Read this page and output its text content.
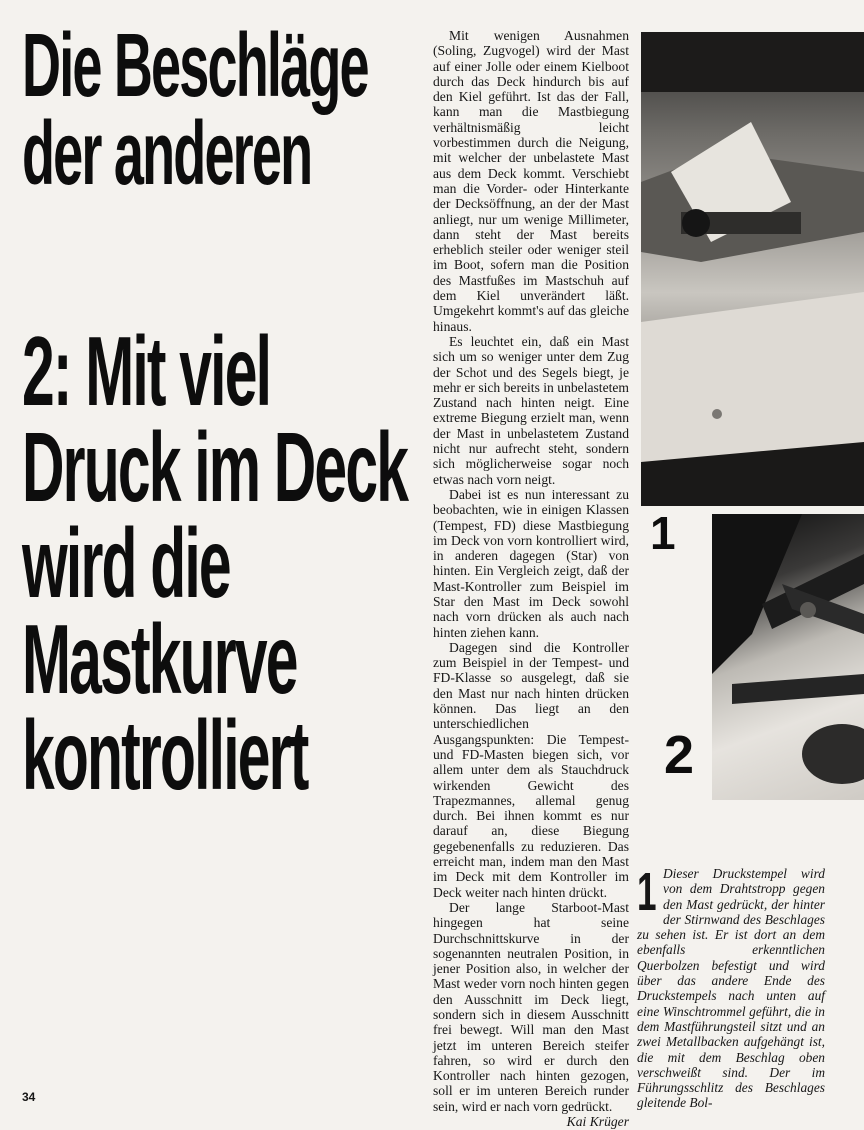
Die Beschläge
der anderen
2: Mit viel
Druck im Deck
wird die
Mastkurve
kontrolliert

Mit wenigen Ausnahmen (Soling, Zugvogel) wird der Mast auf einer Jolle oder einem Kielboot durch das Deck hindurch bis auf den Kiel geführt. Ist das der Fall, kann man die Mastbiegung verhältnismäßig leicht vorbestimmen durch die Neigung, mit welcher der unbelastete Mast aus dem Deck kommt. Verschiebt man die Vorder- oder Hinterkante der Decksöffnung, an der der Mast anliegt, nur um wenige Millimeter, dann steht der Mast bereits erheblich steiler oder weniger steil im Boot, sofern man die Position des Mastfußes im Mastschuh auf dem Kiel unverändert läßt. Umgekehrt kommt's auf das gleiche hinaus.

Es leuchtet ein, daß ein Mast sich um so weniger unter dem Zug der Schot und des Segels biegt, je mehr er sich bereits in unbelastetem Zustand nach hinten neigt. Eine extreme Biegung erzielt man, wenn der Mast in unbelastetem Zustand nicht nur aufrecht steht, sondern sich möglicherweise sogar noch etwas nach vorn neigt.

Dabei ist es nun interessant zu beobachten, wie in einigen Klassen (Tempest, FD) diese Mastbiegung im Deck von vorn kontrolliert wird, in anderen dagegen (Star) von hinten. Ein Vergleich zeigt, daß der Mast-Kontroller zum Beispiel im Star den Mast im Deck sowohl nach vorn drücken als auch nach hinten ziehen kann.

Dagegen sind die Kontroller zum Beispiel in der Tempest- und FD-Klasse so ausgelegt, daß sie den Mast nur nach hinten drücken können. Das liegt an den unterschiedlichen Ausgangspunkten: Die Tempest- und FD-Masten biegen sich, vor allem unter dem als Stauchdruck wirkenden Gewicht des Trapezmannes, allemal genug durch. Bei ihnen kommt es nur darauf an, diese Biegung gegebenenfalls zu reduzieren. Das erreicht man, indem man den Mast im Deck mit dem Kontroller im Deck weiter nach hinten drückt.

Der lange Starboot-Mast hingegen hat seine Durchschnittskurve in der sogenannten neutralen Position, in jener Position also, in welcher der Mast weder vorn noch hinten gegen den Ausschnitt im Deck liegt, sondern sich in diesem Ausschnitt frei bewegt. Will man den Mast jetzt im unteren Bereich steifer fahren, so wird er durch den Kontroller nach hinten gezogen, soll er im unteren Bereich runder sein, wird er nach vorn gedrückt.

Kai Krüger

1
2
1 Dieser Druckstempel wird von dem Drahtstropp gegen den Mast gedrückt, der hinter der Stirnwand des Beschlages zu sehen ist. Er ist dort an dem ebenfalls erkenntlichen Querbolzen befestigt und wird über das andere Ende des Druckstempels nach unten auf eine Winschtrommel geführt, die in dem Mastführungsteil sitzt und an zwei Metallbacken aufgehängt ist, die mit dem Beschlag oben verschweißt sind. Der im Führungsschlitz des Beschlages gleitende Bol-
34
